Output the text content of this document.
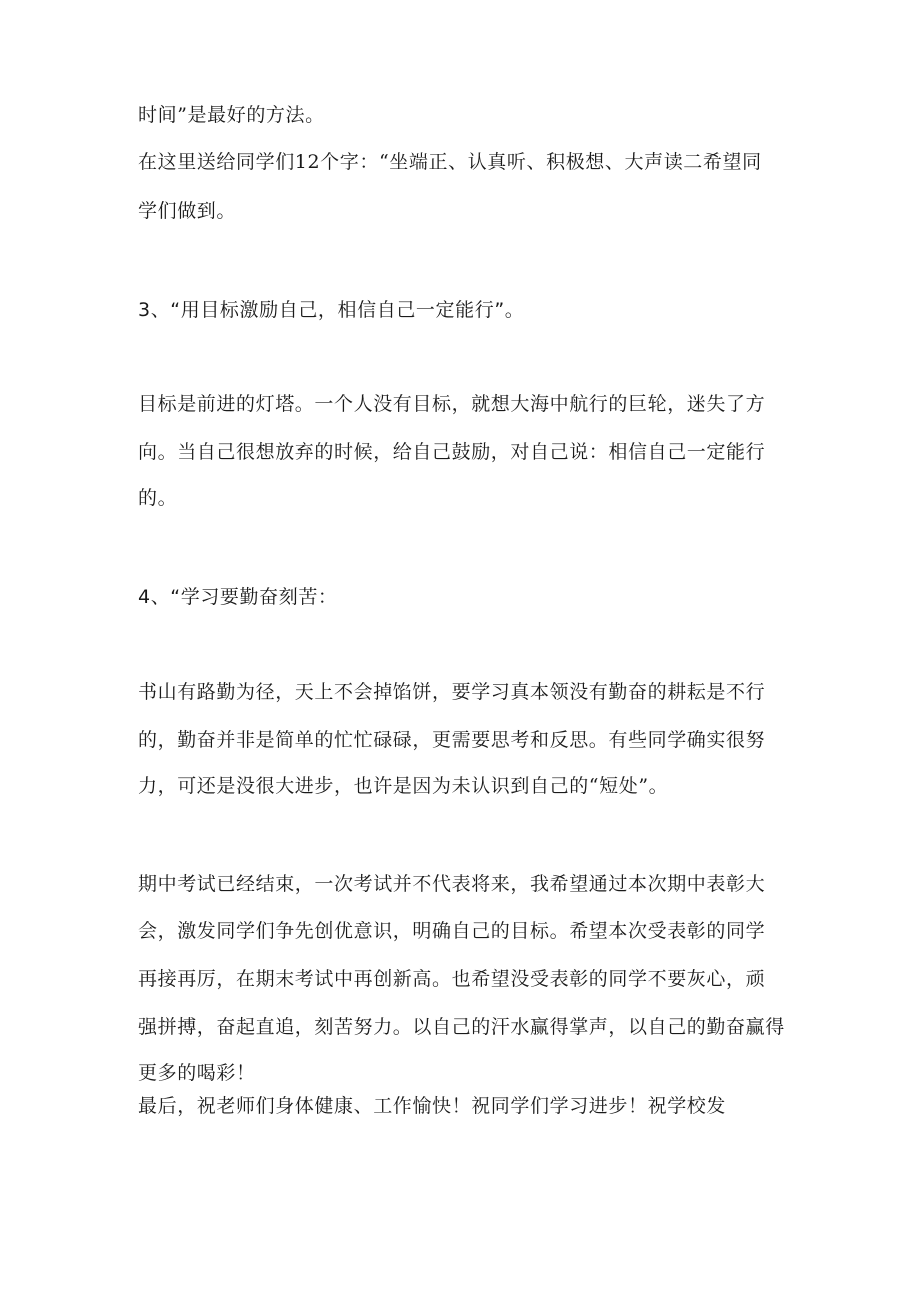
时间”是最好的方法。
在这里送给同学们12个字：“坐端正、认真听、积极想、大声读二希望同
学们做到。
3、“用目标激励自己，相信自己一定能行”。
目标是前进的灯塔。一个人没有目标，就想大海中航行的巨轮，迷失了方
向。当自己很想放弃的时候，给自己鼓励，对自己说：相信自己一定能行
的。
4、“学习要勤奋刻苦：
书山有路勤为径，天上不会掉馅饼，要学习真本领没有勤奋的耕耘是不行
的，勤奋并非是简单的忙忙碌碌，更需要思考和反思。有些同学确实很努
力，可还是没很大进步，也许是因为未认识到自己的“短处”。
期中考试已经结束，一次考试并不代表将来，我希望通过本次期中表彰大
会，激发同学们争先创优意识，明确自己的目标。希望本次受表彰的同学
再接再厉，在期末考试中再创新高。也希望没受表彰的同学不要灰心，顽
强拼搏，奋起直追，刻苦努力。以自己的汗水赢得掌声，以自己的勤奋赢得
更多的喝彩！
最后，祝老师们身体健康、工作愉快！祝同学们学习进步！祝学校发
